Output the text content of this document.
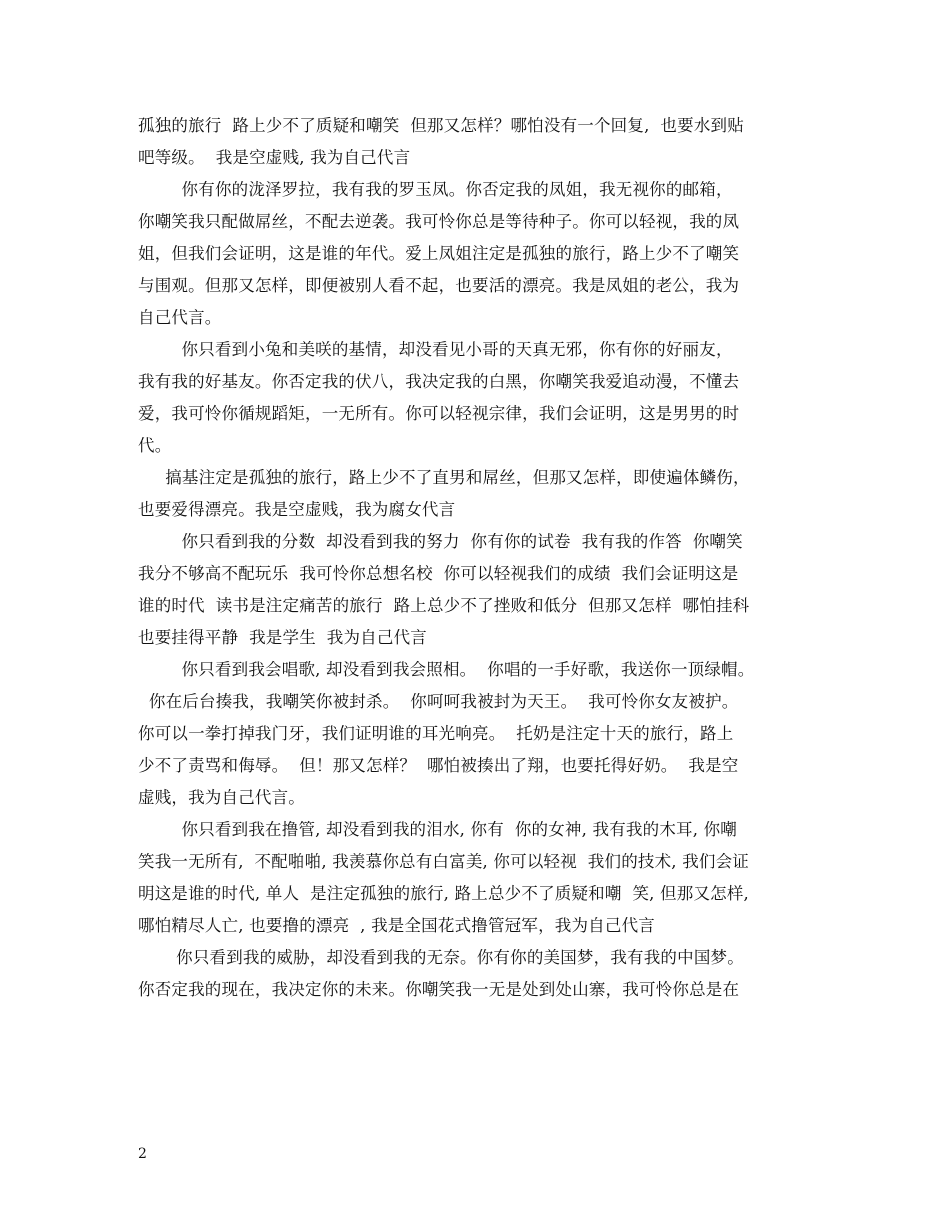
孤独的旅行  路上少不了质疑和嘲笑  但那又怎样？哪怕没有一个回复,  也要水到贴
吧等级。  我是空虚贱, 我为自己代言
你有你的泷泽罗拉，我有我的罗玉凤。你否定我的凤姐，我无视你的邮箱，
你嘲笑我只配做屌丝，不配去逆袭。我可怜你总是等待种子。你可以轻视，我的凤
姐，但我们会证明，这是谁的年代。爱上凤姐注定是孤独的旅行，路上少不了嘲笑
与围观。但那又怎样，即便被别人看不起，也要活的漂亮。我是凤姐的老公，我为
自己代言。
你只看到小兔和美咲的基情，却没看见小哥的天真无邪，你有你的好丽友，
我有我的好基友。你否定我的伏八，我决定我的白黑，你嘲笑我爱追动漫，不懂去
爱，我可怜你循规蹈矩，一无所有。你可以轻视宗律，我们会证明，这是男男的时
代。
搞基注定是孤独的旅行，路上少不了直男和屌丝，但那又怎样，即使遍体鳞伤，
也要爱得漂亮。我是空虚贱，我为腐女代言
你只看到我的分数  却没看到我的努力  你有你的试卷  我有我的作答  你嘲笑
我分不够高不配玩乐  我可怜你总想名校  你可以轻视我们的成绩  我们会证明这是
谁的时代  读书是注定痛苦的旅行  路上总少不了挫败和低分  但那又怎样  哪怕挂科
也要挂得平静  我是学生  我为自己代言
你只看到我会唱歌, 却没看到我会照相。  你唱的一手好歌，我送你一顶绿帽。
你在后台揍我，我嘲笑你被封杀。  你呵呵我被封为天王。  我可怜你女友被护。
你可以一拳打掉我门牙，我们证明谁的耳光响亮。  托奶是注定十天的旅行，路上
少不了责骂和侮辱。  但！那又怎样？  哪怕被揍出了翔，也要托得好奶。  我是空
虚贱，我为自己代言。
你只看到我在撸管, 却没看到我的泪水, 你有  你的女神, 我有我的木耳, 你嘲
笑我一无所有,  不配啪啪, 我羡慕你总有白富美, 你可以轻视  我们的技术, 我们会证
明这是谁的时代, 单人  是注定孤独的旅行, 路上总少不了质疑和嘲  笑, 但那又怎样,
哪怕精尽人亡, 也要撸的漂亮  , 我是全国花式撸管冠军，我为自己代言
你只看到我的威胁，却没看到我的无奈。你有你的美国梦，我有我的中国梦。
你否定我的现在，我决定你的未来。你嘲笑我一无是处到处山寨，我可怜你总是在
2
